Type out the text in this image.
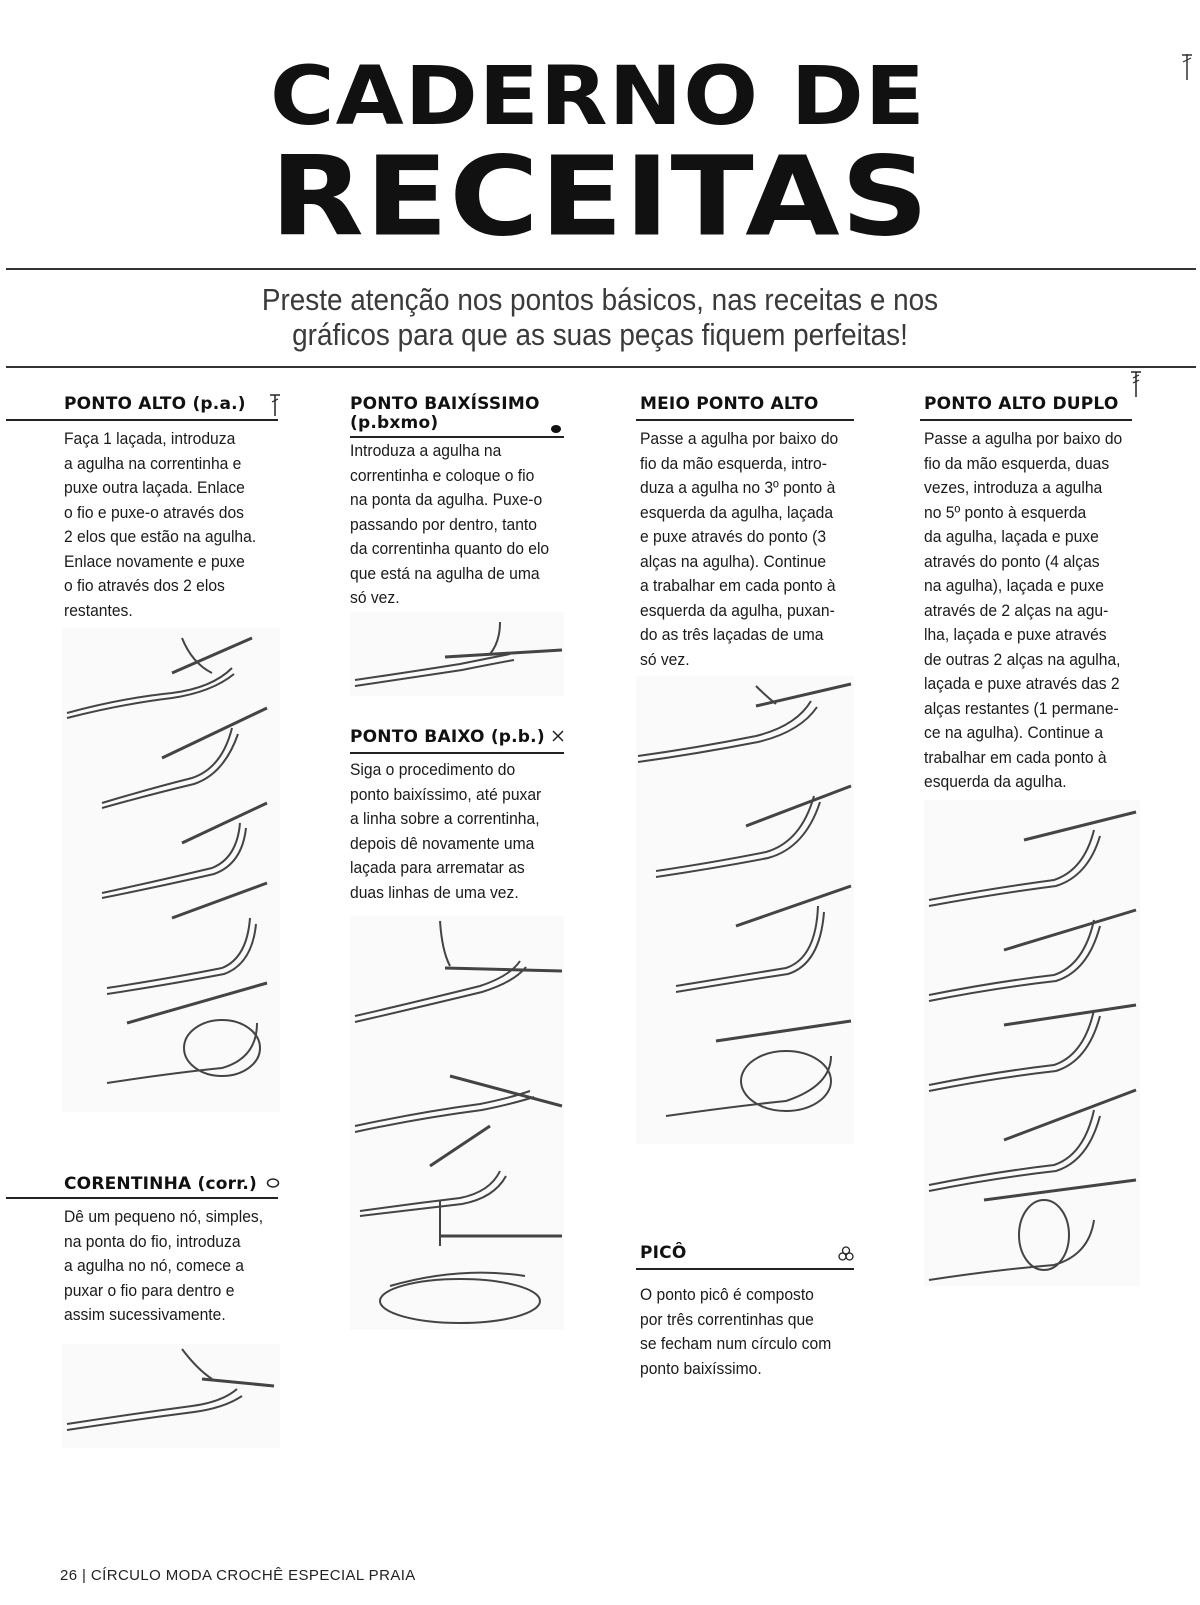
CADERNO DE
RECEITAS
Preste atenção nos pontos básicos, nas receitas e nos
gráficos para que as suas peças fiquem perfeitas!
PONTO ALTO (p.a.)
Faça 1 laçada, introduza
a agulha na correntinha e
puxe outra laçada. Enlace
o fio e puxe-o através dos
2 elos que estão na agulha.
Enlace novamente e puxe
o fio através dos 2 elos
restantes.
CORENTINHA (corr.)
Dê um pequeno nó, simples,
na ponta do fio, introduza
a agulha no nó, comece a
puxar o fio para dentro e
assim sucessivamente.
PONTO BAIXÍSSIMO
(p.bxmo)
Introduza a agulha na
correntinha e coloque o fio
na ponta da agulha. Puxe-o
passando por dentro, tanto
da correntinha quanto do elo
que está na agulha de uma
só vez.
PONTO BAIXO (p.b.)
Siga o procedimento do
ponto baixíssimo, até puxar
a linha sobre a correntinha,
depois dê novamente uma
laçada para arrematar as
duas linhas de uma vez.
MEIO PONTO ALTO
Passe a agulha por baixo do
fio da mão esquerda, intro-
duza a agulha no 3º ponto à
esquerda da agulha, laçada
e puxe através do ponto (3
alças na agulha). Continue
a trabalhar em cada ponto à
esquerda da agulha, puxan-
do as três laçadas de uma
só vez.
PICÔ
O ponto picô é composto
por três correntinhas que
se fecham num círculo com
ponto baixíssimo.
PONTO ALTO DUPLO
Passe a agulha por baixo do
fio da mão esquerda, duas
vezes, introduza a agulha
no 5º ponto à esquerda
da agulha, laçada e puxe
através do ponto (4 alças
na agulha), laçada e puxe
através de 2 alças na agu-
lha, laçada e puxe através
de outras 2 alças na agulha,
laçada e puxe através das 2
alças restantes (1 permane-
ce na agulha). Continue a
trabalhar em cada ponto à
esquerda da agulha.
26 | CÍRCULO MODA CROCHÊ ESPECIAL PRAIA
